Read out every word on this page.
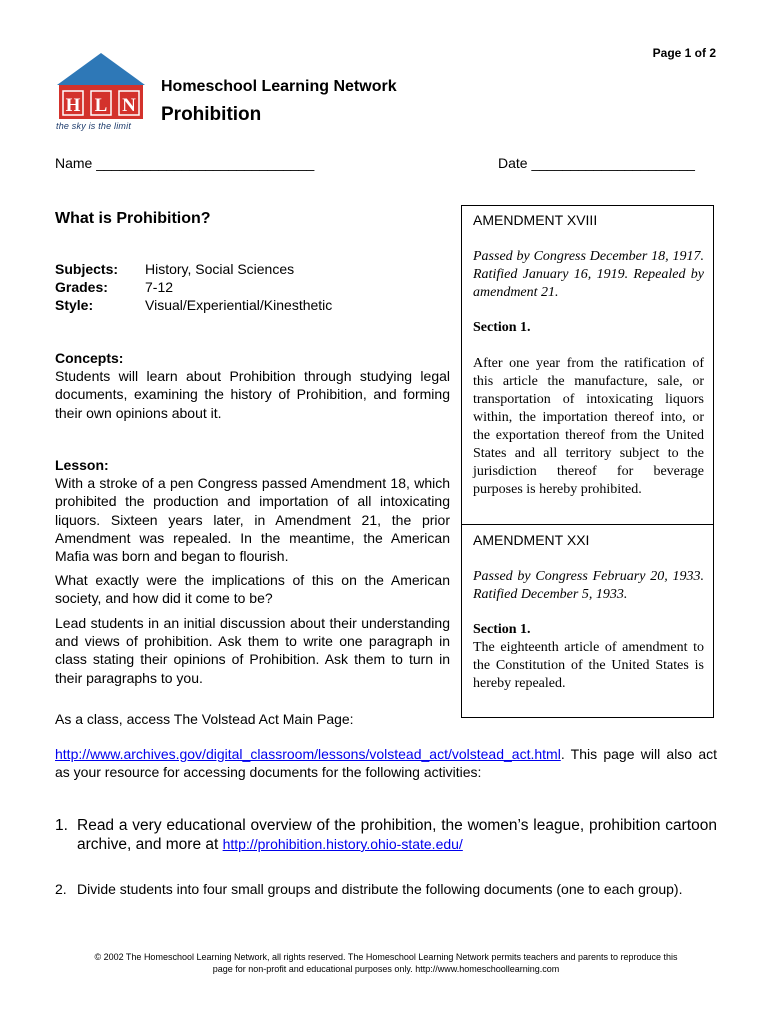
Page 1 of 2
H L N
the sky is the limit
Homeschool Learning Network
Prohibition
Name ____________________________	Date _____________________
What is Prohibition?
Subjects:	History, Social Sciences
Grades:	7-12
Style:	Visual/Experiential/Kinesthetic
Concepts:
Students will learn about Prohibition through studying legal documents, examining the history of Prohibition, and forming their own opinions about it.
Lesson:
With a stroke of a pen Congress passed Amendment 18, which prohibited the production and importation of all intoxicating liquors. Sixteen years later, in Amendment 21, the prior Amendment was repealed. In the meantime, the American Mafia was born and began to flourish.
What exactly were the implications of this on the American society, and how did it come to be?
Lead students in an initial discussion about their understanding and views of prohibition. Ask them to write one paragraph in class stating their opinions of Prohibition. Ask them to turn in their paragraphs to you.
AMENDMENT XVIII
Passed by Congress December 18, 1917. Ratified January 16, 1919. Repealed by amendment 21.
Section 1.
After one year from the ratification of this article the manufacture, sale, or transportation of intoxicating liquors within, the importation thereof into, or the exportation thereof from the United States and all territory subject to the jurisdiction thereof for beverage purposes is hereby prohibited.
AMENDMENT XXI
Passed by Congress February 20, 1933. Ratified December 5, 1933.
Section 1.
The eighteenth article of amendment to the Constitution of the United States is hereby repealed.
As a class, access The Volstead Act Main Page:
http://www.archives.gov/digital_classroom/lessons/volstead_act/volstead_act.html. This page will also act as your resource for accessing documents for the following activities:
1. Read a very educational overview of the prohibition, the women’s league, prohibition cartoon archive, and more at http://prohibition.history.ohio-state.edu/
2. Divide students into four small groups and distribute the following documents (one to each group).
© 2002 The Homeschool Learning Network, all rights reserved. The Homeschool Learning Network permits teachers and parents to reproduce this
page for non-profit and educational purposes only. http://www.homeschoollearning.com
